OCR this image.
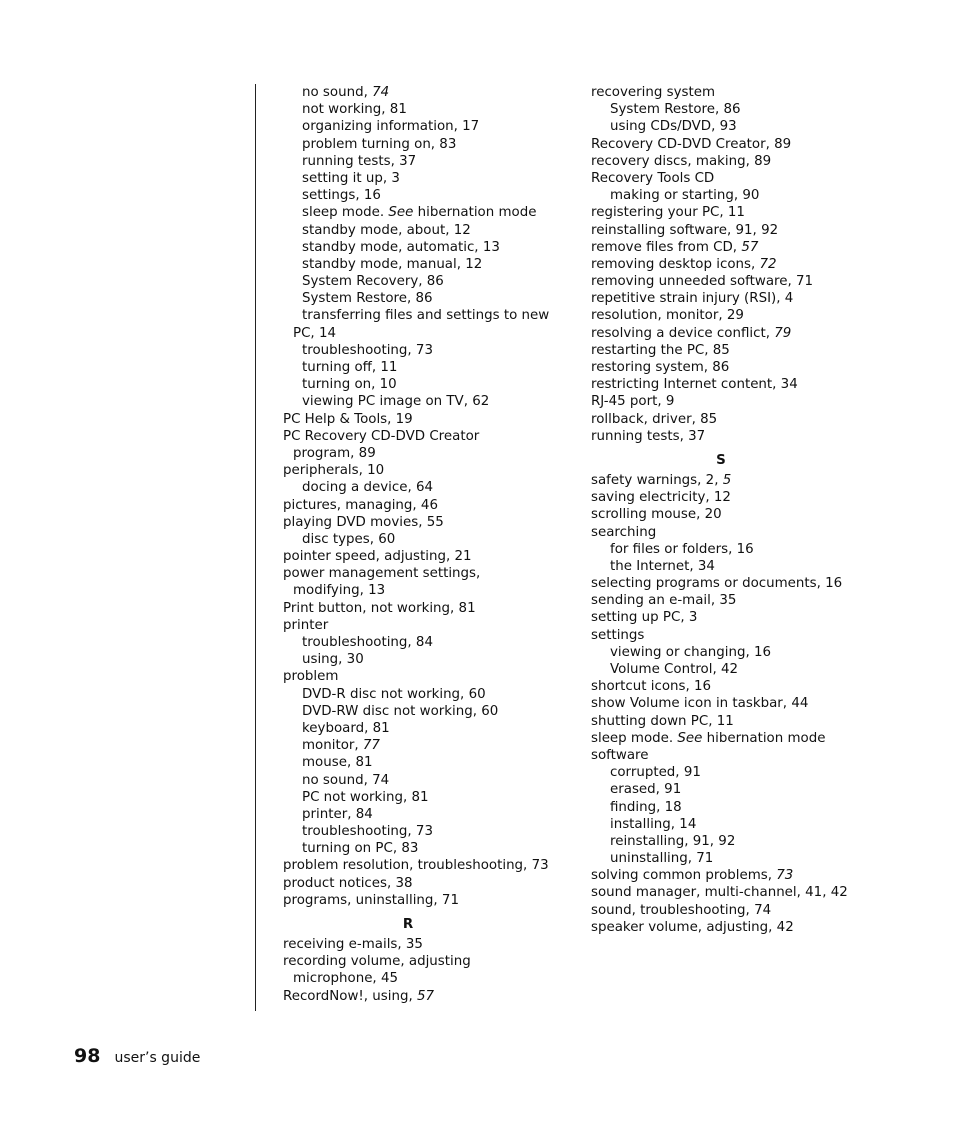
no sound, 74
not working, 81
organizing information, 17
problem turning on, 83
running tests, 37
setting it up, 3
settings, 16
sleep mode. See hibernation mode
standby mode, about, 12
standby mode, automatic, 13
standby mode, manual, 12
System Recovery, 86
System Restore, 86
transferring files and settings to new
PC, 14
troubleshooting, 73
turning off, 11
turning on, 10
viewing PC image on TV, 62
PC Help & Tools, 19
PC Recovery CD-DVD Creator
program, 89
peripherals, 10
docing a device, 64
pictures, managing, 46
playing DVD movies, 55
disc types, 60
pointer speed, adjusting, 21
power management settings,
modifying, 13
Print button, not working, 81
printer
troubleshooting, 84
using, 30
problem
DVD-R disc not working, 60
DVD-RW disc not working, 60
keyboard, 81
monitor, 77
mouse, 81
no sound, 74
PC not working, 81
printer, 84
troubleshooting, 73
turning on PC, 83
problem resolution, troubleshooting, 73
product notices, 38
programs, uninstalling, 71
R
receiving e-mails, 35
recording volume, adjusting
microphone, 45
RecordNow!, using, 57
recovering system
System Restore, 86
using CDs/DVD, 93
Recovery CD-DVD Creator, 89
recovery discs, making, 89
Recovery Tools CD
making or starting, 90
registering your PC, 11
reinstalling software, 91, 92
remove files from CD, 57
removing desktop icons, 72
removing unneeded software, 71
repetitive strain injury (RSI), 4
resolution, monitor, 29
resolving a device conflict, 79
restarting the PC, 85
restoring system, 86
restricting Internet content, 34
RJ-45 port, 9
rollback, driver, 85
running tests, 37
S
safety warnings, 2, 5
saving electricity, 12
scrolling mouse, 20
searching
for files or folders, 16
the Internet, 34
selecting programs or documents, 16
sending an e-mail, 35
setting up PC, 3
settings
viewing or changing, 16
Volume Control, 42
shortcut icons, 16
show Volume icon in taskbar, 44
shutting down PC, 11
sleep mode. See hibernation mode
software
corrupted, 91
erased, 91
finding, 18
installing, 14
reinstalling, 91, 92
uninstalling, 71
solving common problems, 73
sound manager, multi-channel, 41, 42
sound, troubleshooting, 74
speaker volume, adjusting, 42
98 user’s guide
